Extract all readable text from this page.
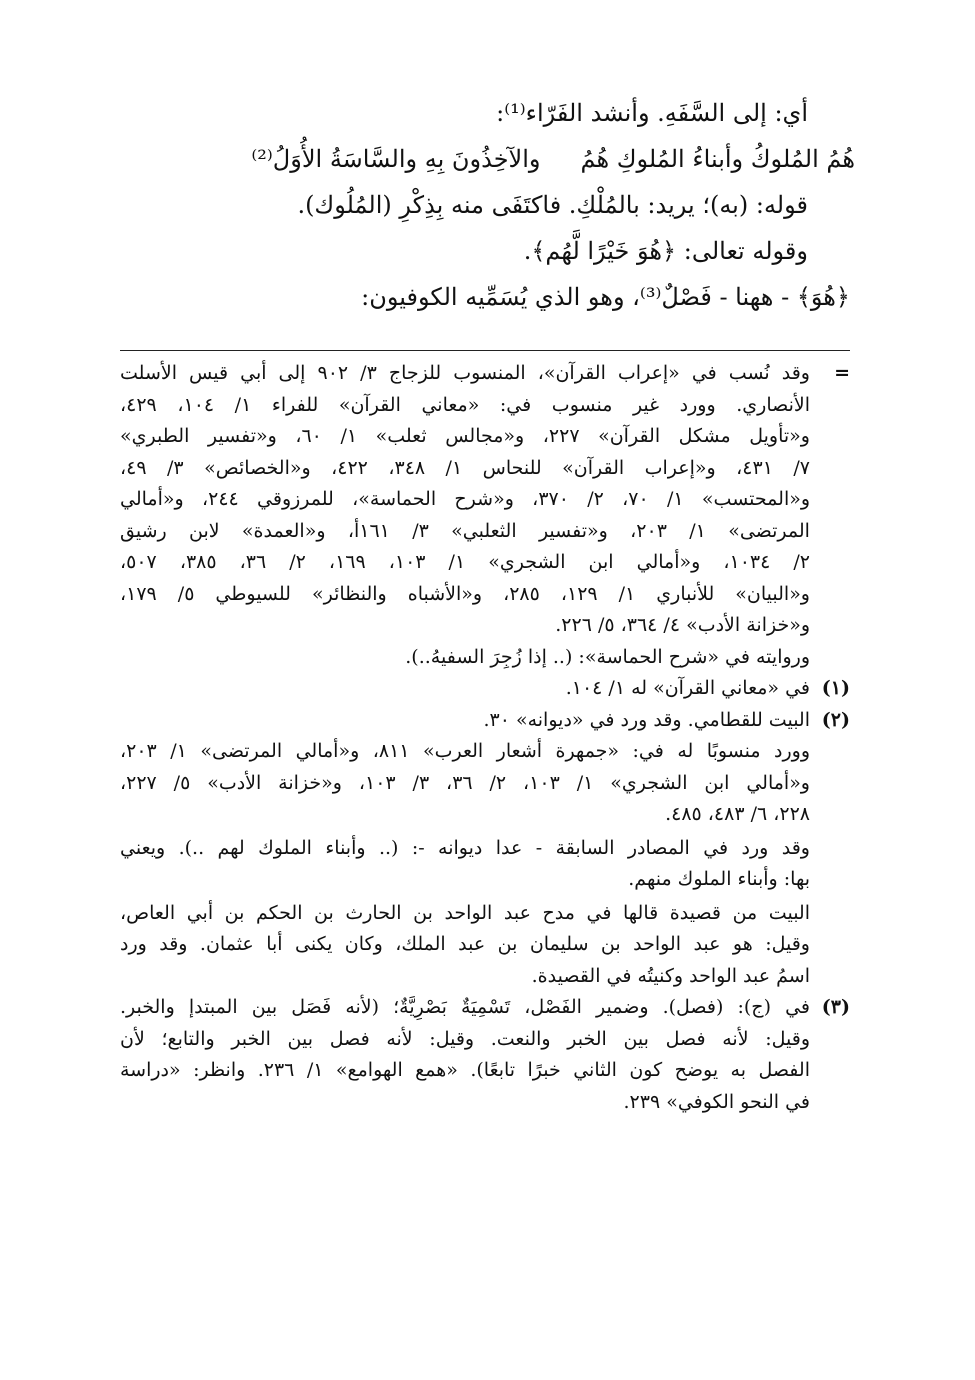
أي: إلى السَّفَهِ. وأنشد الفَرّاء⁽¹⁾:
هُمُ المُلوكُ وأبناءُ المُلوكِ هُمُوالآخِذُونَ بِهِ والسَّاسَةُ الأُوَلُ⁽²⁾
قوله: (به)؛ يريد: بالمُلْكِ. فاكتَفَى منه بِذِكْرِ (المُلُوك).
وقوله تعالى: ﴿هُوَ خَيْرًا لَّهُم﴾.
﴿هُوَ﴾ - ههنا - فَصْلٌ⁽³⁾، وهو الذي يُسَمِّيه الكوفيون:
=
وقد نُسب في «إعراب القرآن»، المنسوب للزجاج ٣/ ٩٠٢ إلى أبي قيس الأسلت
الأنصاري. وورد غير منسوب في: «معاني القرآن» للفراء ١/ ١٠٤، ٤٢٩،
و«تأويل مشكل القرآن» ٢٢٧، و«مجالس ثعلب» ١/ ٦٠، و«تفسير الطبري»
٧/ ٤٣١، و«إعراب القرآن» للنحاس ١/ ٣٤٨، ٤٢٢، و«الخصائص» ٣/ ٤٩،
و«المحتسب» ١/ ٧٠، ٢/ ٣٧٠، و«شرح الحماسة»، للمرزوقي ٢٤٤، و«أمالي
المرتضى» ١/ ٢٠٣، و«تفسير الثعلبي» ٣/ ١٦١أ، و«العمدة» لابن رشيق
٢/ ١٠٣٤، و«أمالي ابن الشجري» ١/ ١٠٣، ١٦٩، ٢/ ٣٦، ٣٨٥، ٥٠٧،
و«البيان» للأنباري ١/ ١٢٩، ٢٨٥، و«الأشباه والنظائر» للسيوطي ٥/ ١٧٩،
و«خزانة الأدب» ٤/ ٣٦٤، ٥/ ٢٢٦.
وروايته في «شرح الحماسة»: (.. إذا زُجِرَ السفيهُ..).
(١)
في «معاني القرآن» له ١/ ١٠٤.
(٢)
البيت للقطامي. وقد ورد في «ديوانه» ٣٠.
وورد منسوبًا له في: «جمهرة أشعار العرب» ٨١١، و«أمالي المرتضى» ١/ ٢٠٣،
و«أمالي ابن الشجري» ١/ ١٠٣، ٢/ ٣٦، ٣/ ١٠٣، و«خزانة الأدب» ٥/ ٢٢٧،
٢٢٨، ٦/ ٤٨٣، ٤٨٥.
وقد ورد في المصادر السابقة - عدا ديوانه -: (.. وأبناء الملوك لهم ..). ويعني
بها: وأبناء الملوك منهم.
البيت من قصيدة قالها في مدح عبد الواحد بن الحارث بن الحكم بن أبي العاص،
وقيل: هو عبد الواحد بن سليمان بن عبد الملك، وكان يكنى أبا عثمان. وقد ورد
اسمُ عبد الواحد وكنيتُه في القصيدة.
(٣)
في (ج): (فصل). وضمير الفَصْل، تَسْمِيَةٌ بَصْرِيَّةٌ؛ (لأنه فَصَل بين المبتدإ والخبر.
وقيل: لأنه فصل بين الخبر والنعت. وقيل: لأنه فصل بين الخبر والتابع؛ لأن
الفصل به يوضح كون الثاني خبرًا تابعًا). «همع الهوامع» ١/ ٢٣٦. وانظر: «دراسة
في النحو الكوفي» ٢٣٩.
